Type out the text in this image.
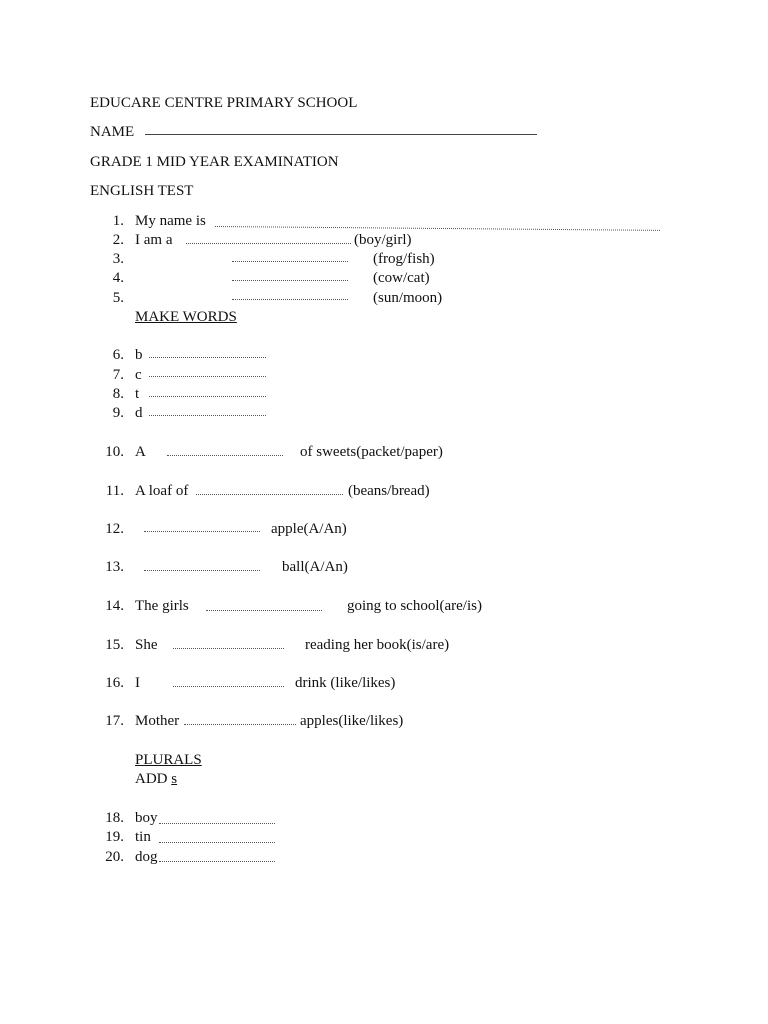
EDUCARE CENTRE PRIMARY SCHOOL
NAME
GRADE 1 MID YEAR EXAMINATION
ENGLISH TEST
1. My name is
2. I am a	(boy/girl)
3.	(frog/fish)
4.	(cow/cat)
5.	(sun/moon)
MAKE WORDS
6. b
7. c
8. t
9. d
10. A	of sweets(packet/paper)
11. A loaf of	(beans/bread)
12.	apple(A/An)
13.	ball(A/An)
14. The girls	going to school(are/is)
15. She	reading her book(is/are)
16. I	drink (like/likes)
17. Mother	apples(like/likes)
PLURALS
ADD s
18. boy
19. tin
20. dog
